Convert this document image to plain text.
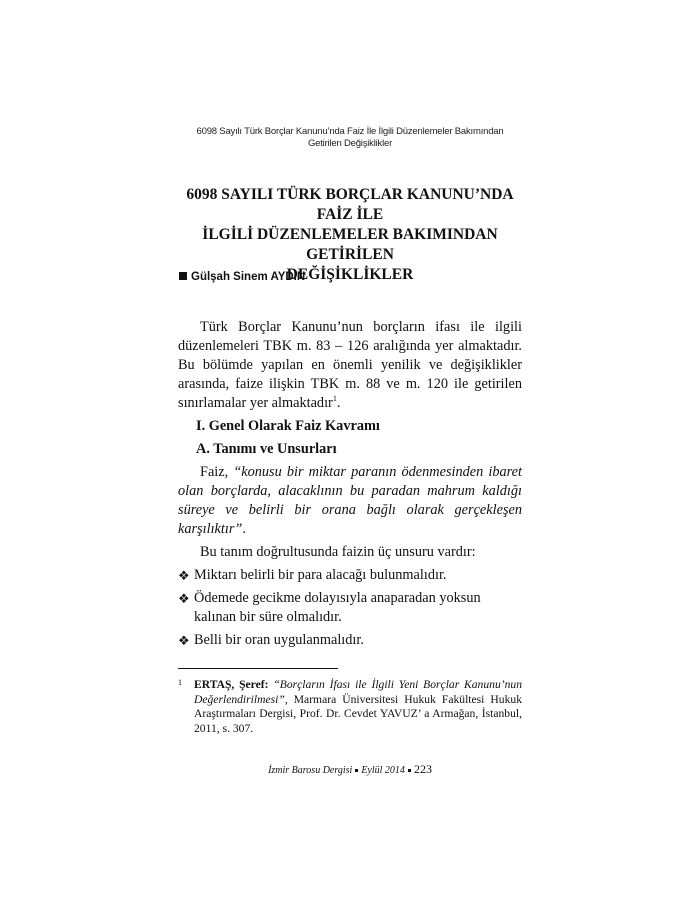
6098 Sayılı Türk Borçlar Kanunu’nda Faiz İle İlgili Düzenlemeler Bakımından
Getirilen Değişiklikler
6098 SAYILI TÜRK BORÇLAR KANUNU’NDA FAİZ İLE
İLGİLİ DÜZENLEMELER BAKIMINDAN GETİRİLEN
DEĞİŞİKLİKLER
Gülşah Sinem AYDIN
Türk Borçlar Kanunu’nun borçların ifası ile ilgili düzenlemeleri TBK m. 83 – 126 aralığında yer almaktadır. Bu bölümde yapılan en önemli yenilik ve değişiklikler arasında, faize ilişkin TBK m. 88 ve m. 120 ile getirilen sınırlamalar yer almaktadır$^1$.
I. Genel Olarak Faiz Kavramı
A. Tanımı ve Unsurları
Faiz, “konusu bir miktar paranın ödenmesinden ibaret olan borçlarda, alacaklının bu paradan mahrum kaldığı süreye ve belirli bir orana bağlı olarak gerçekleşen karşılıktır”.
Bu tanım doğrultusunda faizin üç unsuru vardır:
❖ Miktarı belirli bir para alacağı bulunmalıdır.
❖ Ödemede gecikme dolayısıyla anaparadan yoksun kalınan bir süre olmalıdır.
❖ Belli bir oran uygulanmalıdır.
1	ERTAŞ, Şeref: “Borçların İfası ile İlgili Yeni Borçlar Kanunu’nun Değerlendirilmesi”, Marmara Üniversitesi Hukuk Fakültesi Hukuk Araştırmaları Dergisi, Prof. Dr. Cevdet YAVUZ’ a Armağan, İstanbul, 2011, s. 307.
İzmir Barosu Dergisi Eylül 2014 223
